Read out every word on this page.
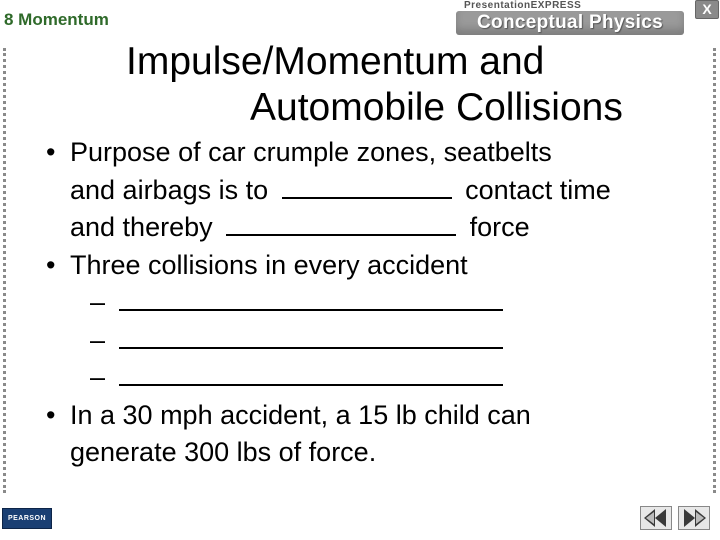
8 Momentum
PresentationEXPRESS
Conceptual Physics
X
Impulse/Momentum and
Automobile Collisions
• Purpose of car crumple zones, seatbelts
and airbags is to	contact time
and thereby	force
• Three collisions in every accident
–
–
–
• In a 30 mph accident, a 15 lb child can
generate 300 lbs of force.
PEARSON
